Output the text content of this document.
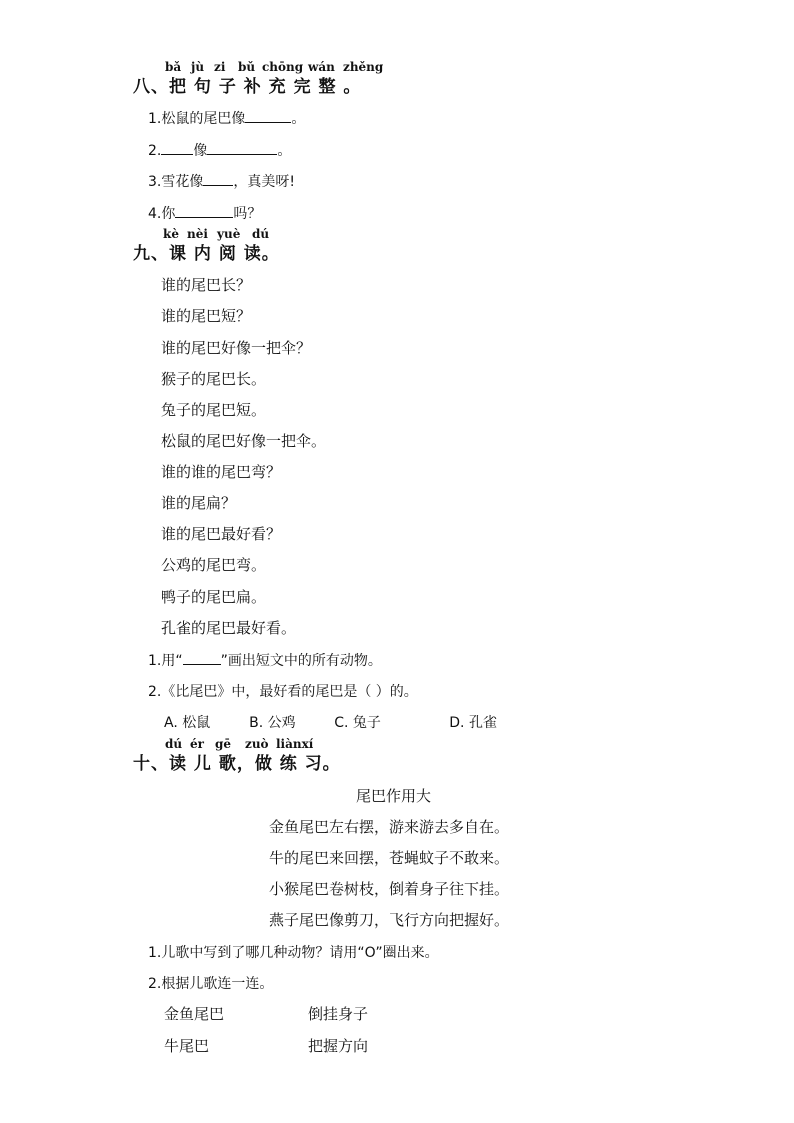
bǎ jù zi bǔ chōng wán zhěng
八、把 句 子 补 充 完 整 。
1.松鼠的尾巴像	。
2. 像	。
3.雪花像 ，真美呀!
4.你	吗？
kè nèi yuè dú
九、课 内 阅 读。
谁的尾巴长？
谁的尾巴短？
谁的尾巴好像一把伞？
猴子的尾巴长。
兔子的尾巴短。
松鼠的尾巴好像一把伞。
谁的谁的尾巴弯？
谁的尾扁？
谁的尾巴最好看？
公鸡的尾巴弯。
鸭子的尾巴扁。
孔雀的尾巴最好看。
1.用“	”画出短文中的所有动物。
2.《比尾巴》中，最好看的尾巴是（ ）的。
A. 松鼠	B. 公鸡	C. 兔子	D. 孔雀
dú ér gē zuò liànxí
十、读 儿 歌，做 练 习。
尾巴作用大
金鱼尾巴左右摆，游来游去多自在。
牛的尾巴来回摆，苍蝇蚊子不敢来。
小猴尾巴卷树枝，倒着身子往下挂。
燕子尾巴像剪刀，飞行方向把握好。
1.儿歌中写到了哪几种动物？请用“O”圈出来。
2.根据儿歌连一连。
金鱼尾巴	倒挂身子
牛尾巴	把握方向
